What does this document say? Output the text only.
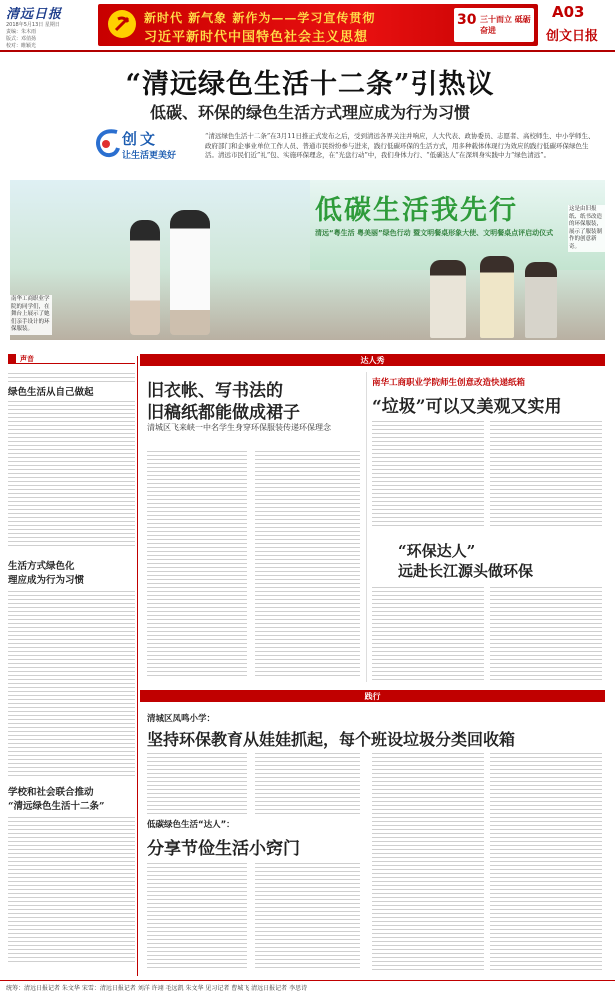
清远日报
2018年5月13日 星期日
责编：朱木雨
版式：邓俏扬
校对：睢颖光
新时代 新气象 新作为——学习宣传贯彻
习近平新时代中国特色社会主义思想
30 三十而立 砥砺奋进
A03
创文日报
“清远绿色生活十二条”引热议
低碳、环保的绿色生活方式理应成为行为习惯
创文
让生活更美好
“清远绿色生活十二条”在3月11日推正式发布之后，受到清远各界关注并响应，人大代表、政协委员、志愿者、高校师生、中小学师生、政府部门和企事业单位工作人员、普通市民纷纷参与进来，践行低碳环保的生活方式，用多种载体体现行为效应的践行低碳环保绿色生活。清远市民们近”礼”包、实施环保理念，在“光盘行动”中，我们身体力行、“低碳达人”在深圳身实践中力“绿色清远”。
低碳生活我先行
清远“粤生活 粤美丽”绿色行动 暨文明餐桌形象大使、文明餐桌点评启动仪式
南华工商职业学院的同学们，在舞台上展示了她们亲手设计的环保服装。
这是由旧报纸、纸书改造的环保服装，展示了服装制作的创意新奇。
达人秀
声音
绿色生活从自己做起
生活方式绿色化
理应成为行为习惯
学校和社会联合推动
“清远绿色生活十二条”
旧衣帐、写书法的
旧稿纸都能做成裙子
清城区飞来峡一中名学生身穿环保服装传递环保理念
南华工商职业学院师生创意改造快递纸箱
“垃圾”可以又美观又实用
“环保达人”
远赴长江源头做环保
践行
清城区凤鸣小学：
坚持环保教育从娃娃抓起，每个班设垃圾分类回收箱
低碳绿色生活“达人”：
分享节俭生活小窍门
统筹：清远日报记者 朱文华 宋雪：清远日报记者 刘洋 许翊 毛远凯 朱文华 见习记者 曹城飞 清远日报记者 李思诗
